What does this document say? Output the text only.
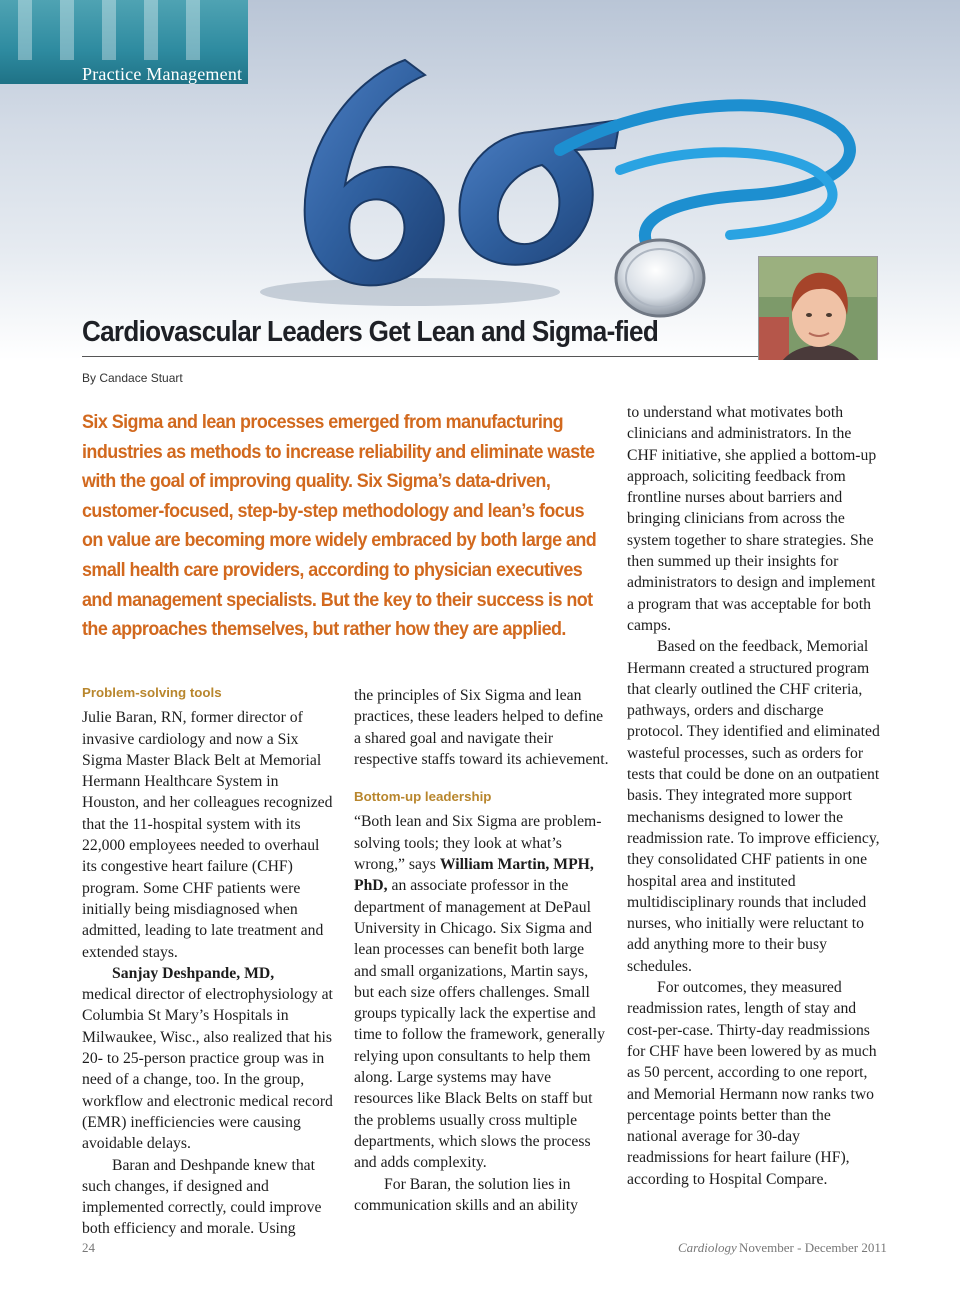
Practice Management
Cardiovascular Leaders Get Lean and Sigma-fied
By Candace Stuart

Six Sigma and lean processes emerged from manufacturing industries as methods to increase reliability and eliminate waste with the goal of improving quality. Six Sigma’s data-driven, customer-focused, step-by-step methodology and lean’s focus on value are becoming more widely embraced by both large and small health care providers, according to physician executives and management specialists. But the key to their success is not the approaches themselves, but rather how they are applied.

Problem-solving tools

Julie Baran, RN, former director of invasive cardiology and now a Six Sigma Master Black Belt at Memorial Hermann Healthcare System in Houston, and her colleagues recognized that the 11-hospital system with its 22,000 employees needed to overhaul its congestive heart failure (CHF) program. Some CHF patients were initially being misdiagnosed when admitted, leading to late treatment and extended stays.

Sanjay Deshpande, MD,

medical director of electrophysiology at Columbia St Mary’s Hospitals in Milwaukee, Wisc., also realized that his 20- to 25-person practice group was in need of a change, too. In the group, workflow and electronic medical record (EMR) inefficiencies were causing avoidable delays.

Baran and Deshpande knew that such changes, if designed and implemented correctly, could improve both efficiency and morale. Using

the principles of Six Sigma and lean practices, these leaders helped to define a shared goal and navigate their respective staffs toward its achievement.

Bottom-up leadership

“Both lean and Six Sigma are problem-solving tools; they look at what’s wrong,” says William Martin, MPH, PhD, an associate professor in the department of management at DePaul University in Chicago. Six Sigma and lean processes can benefit both large and small organizations, Martin says, but each size offers challenges. Small groups typically lack the expertise and time to follow the framework, generally relying upon consultants to help them along. Large systems may have resources like Black Belts on staff but the problems usually cross multiple departments, which slows the process and adds complexity.

For Baran, the solution lies in communication skills and an ability

to understand what motivates both clinicians and administrators. In the CHF initiative, she applied a bottom-up approach, soliciting feedback from frontline nurses about barriers and bringing clinicians from across the system together to share strategies. She then summed up their insights for administrators to design and implement a program that was acceptable for both camps.

Based on the feedback, Memorial Hermann created a structured program that clearly outlined the CHF criteria, pathways, orders and discharge protocol. They identified and eliminated wasteful processes, such as orders for tests that could be done on an outpatient basis. They integrated more support mechanisms designed to lower the readmission rate. To improve efficiency, they consolidated CHF patients in one hospital area and instituted multidisciplinary rounds that included nurses, who initially were reluctant to add anything more to their busy schedules.

For outcomes, they measured readmission rates, length of stay and cost-per-case. Thirty-day readmissions for CHF have been lowered by as much as 50 percent, according to one report, and Memorial Hermann now ranks two percentage points better than the national average for 30-day readmissions for heart failure (HF), according to Hospital Compare.

24	Cardiology November - December 2011
